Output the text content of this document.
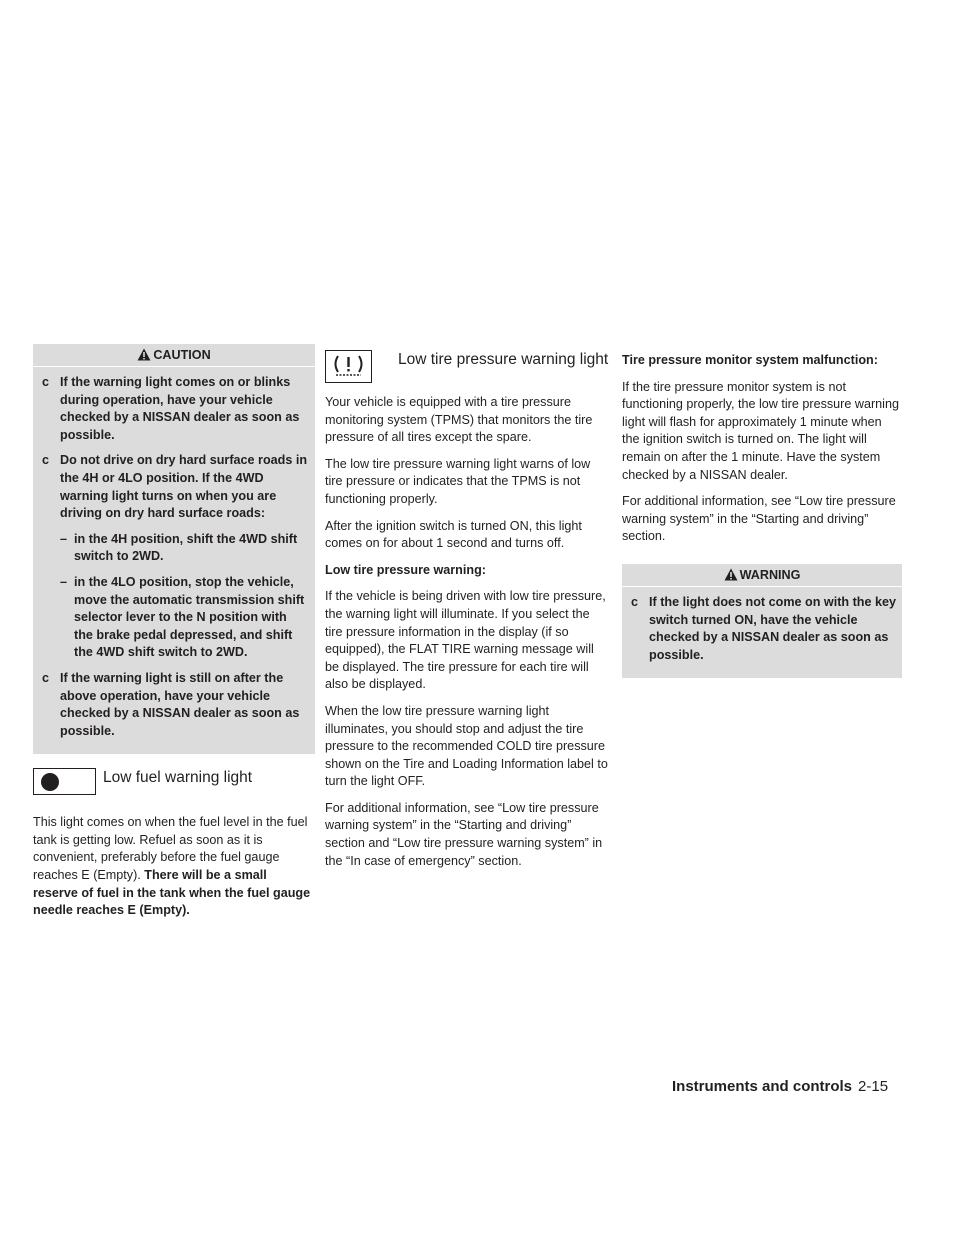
CAUTION
c If the warning light comes on or blinks during operation, have your vehicle checked by a NISSAN dealer as soon as possible.
c Do not drive on dry hard surface roads in the 4H or 4LO position. If the 4WD warning light turns on when you are driving on dry hard surface roads:
– in the 4H position, shift the 4WD shift switch to 2WD.
– in the 4LO position, stop the vehicle, move the automatic transmission shift selector lever to the N position with the brake pedal depressed, and shift the 4WD shift switch to 2WD.
c If the warning light is still on after the above operation, have your vehicle checked by a NISSAN dealer as soon as possible.
Low fuel warning light

This light comes on when the fuel level in the fuel tank is getting low. Refuel as soon as it is convenient, preferably before the fuel gauge reaches E (Empty). There will be a small reserve of fuel in the tank when the fuel gauge needle reaches E (Empty).

Low tire pressure warning light

Your vehicle is equipped with a tire pressure monitoring system (TPMS) that monitors the tire pressure of all tires except the spare.

The low tire pressure warning light warns of low tire pressure or indicates that the TPMS is not functioning properly.

After the ignition switch is turned ON, this light comes on for about 1 second and turns off.

Low tire pressure warning:

If the vehicle is being driven with low tire pressure, the warning light will illuminate. If you select the tire pressure information in the display (if so equipped), the FLAT TIRE warning message will be displayed. The tire pressure for each tire will also be displayed.

When the low tire pressure warning light illuminates, you should stop and adjust the tire pressure to the recommended COLD tire pressure shown on the Tire and Loading Information label to turn the light OFF.

For additional information, see “Low tire pressure warning system” in the “Starting and driving” section and “Low tire pressure warning system” in the “In case of emergency” section.

Tire pressure monitor system malfunction:

If the tire pressure monitor system is not functioning properly, the low tire pressure warning light will flash for approximately 1 minute when the ignition switch is turned on. The light will remain on after the 1 minute. Have the system checked by a NISSAN dealer.

For additional information, see “Low tire pressure warning system” in the “Starting and driving” section.

WARNING
c If the light does not come on with the key switch turned ON, have the vehicle checked by a NISSAN dealer as soon as possible.
Instruments and controls 2-15
